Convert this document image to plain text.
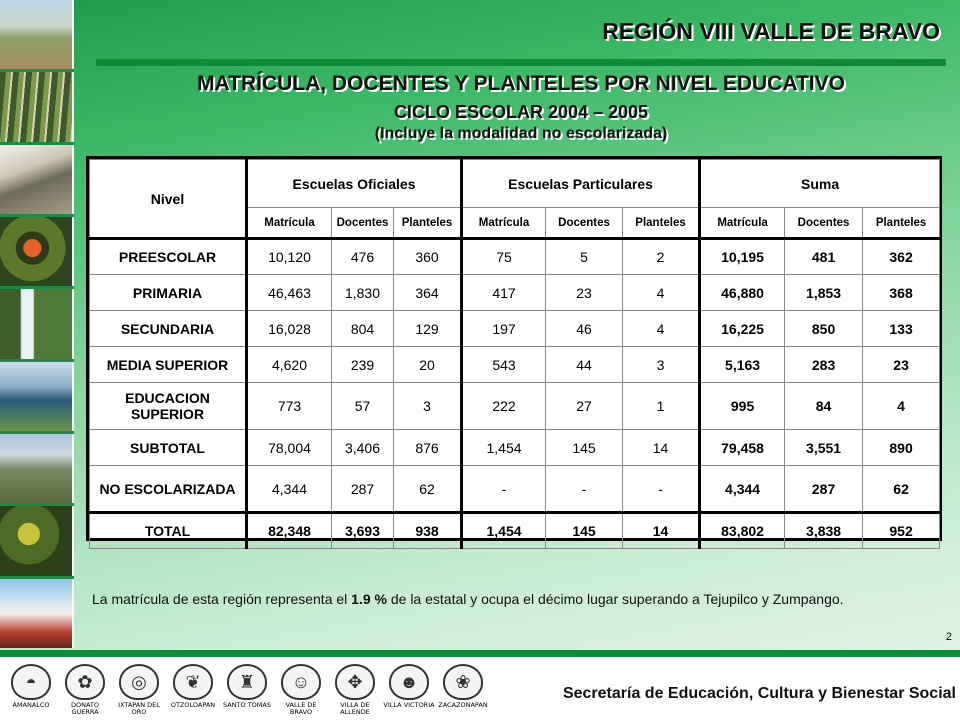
REGIÓN VIII VALLE DE BRAVO
MATRÍCULA, DOCENTES Y PLANTELES POR NIVEL EDUCATIVO
CICLO ESCOLAR 2004 – 2005
(Incluye la modalidad no escolarizada)
Nivel	Escuelas Oficiales			Escuelas Particulares			Suma		
	Matrícula	Docentes	Planteles	Matrícula	Docentes	Planteles	Matrícula	Docentes	Planteles
PREESCOLAR	10,120	476	360	75	5	2	10,195	481	362
PRIMARIA	46,463	1,830	364	417	23	4	46,880	1,853	368
SECUNDARIA	16,028	804	129	197	46	4	16,225	850	133
MEDIA SUPERIOR	4,620	239	20	543	44	3	5,163	283	23
EDUCACION SUPERIOR	773	57	3	222	27	1	995	84	4
SUBTOTAL	78,004	3,406	876	1,454	145	14	79,458	3,551	890
NO ESCOLARIZADA	4,344	287	62	-	-	-	4,344	287	62
TOTAL	82,348	3,693	938	1,454	145	14	83,802	3,838	952

La matrícula de esta región representa el 1.9 % de la estatal y ocupa el décimo lugar superando a Tejupilco y Zumpango.

2
◓
AMANALCO
✿
DONATO GUERRA
◎
IXTAPAN DEL ORO
❦
OTZOLOAPAN
♜
SANTO TOMAS
☺
VALLE DE BRAVO
✥
VILLA DE ALLENDE
☻
VILLA VICTORIA
❀
ZACAZONAPAN
Secretaría de Educación, Cultura y Bienestar Social
